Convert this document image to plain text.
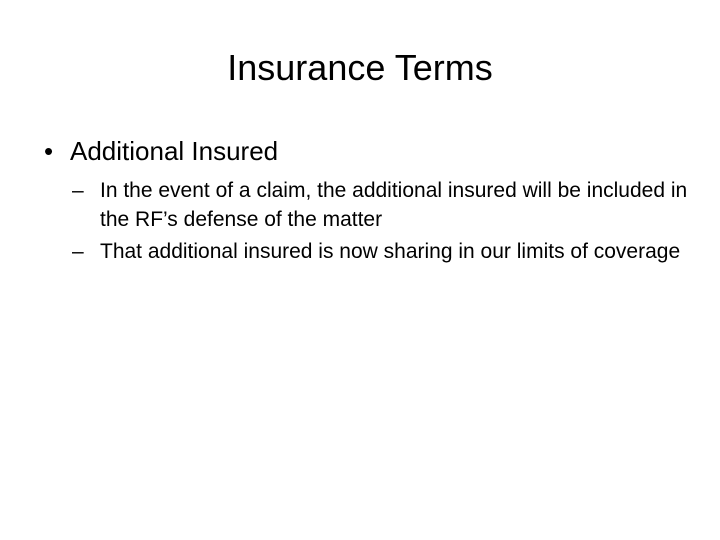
Insurance Terms
• Additional Insured
– In the event of a claim, the additional insured will be included in the RF’s defense of the matter
– That additional insured is now sharing in our limits of coverage
